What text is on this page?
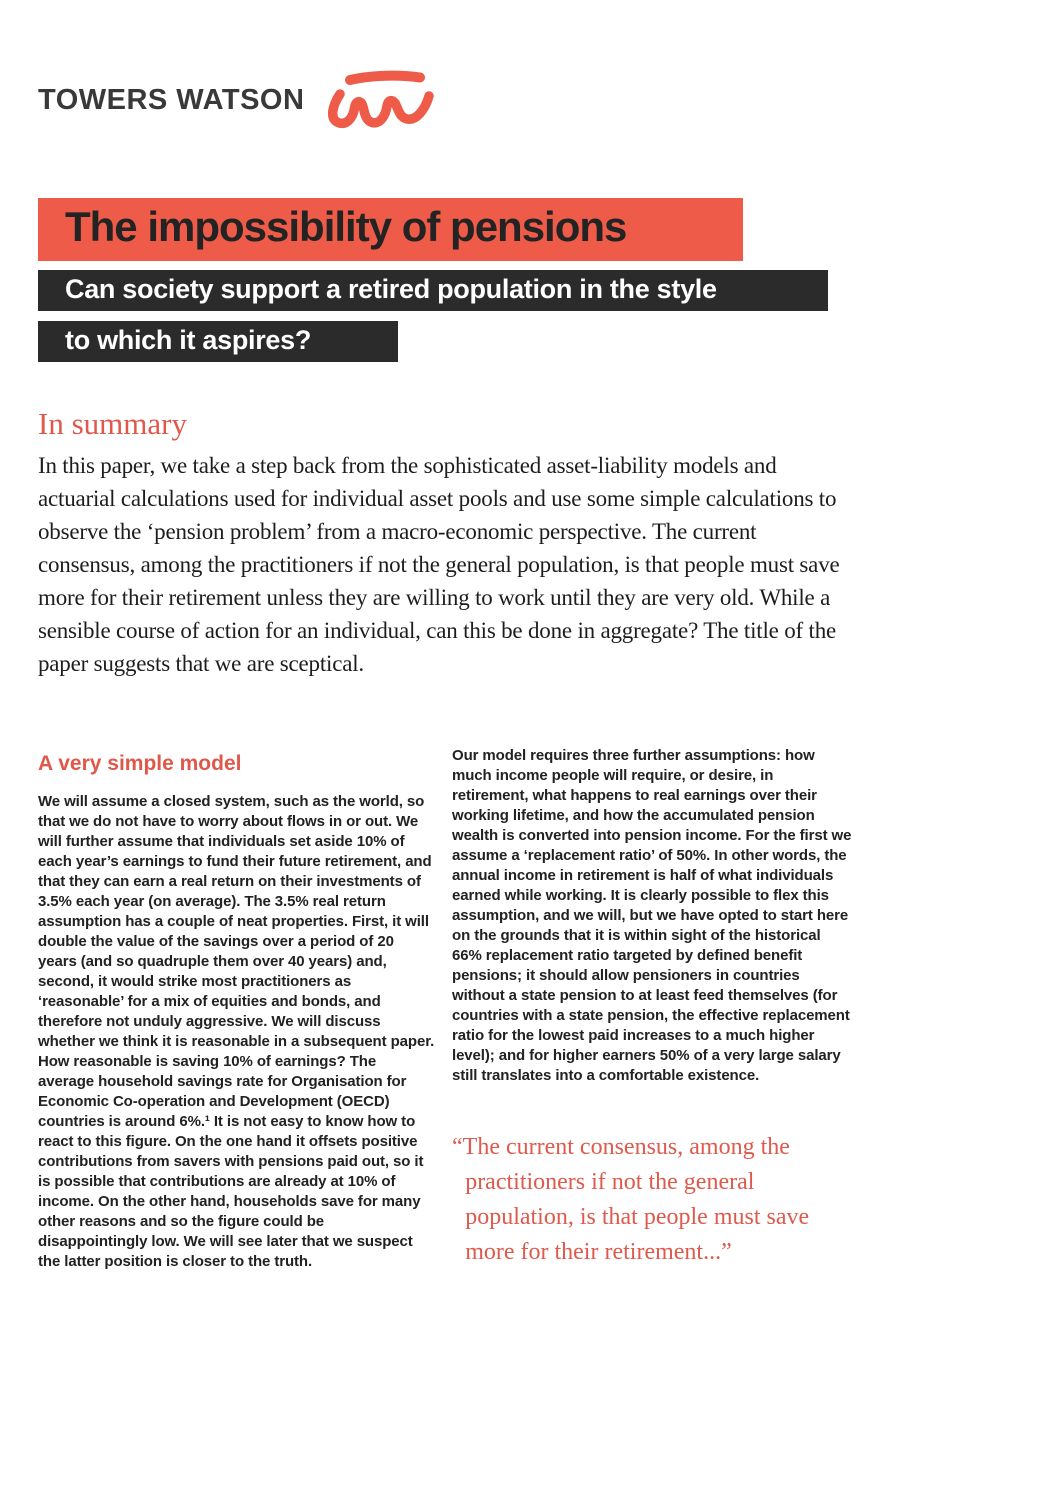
TOWERS WATSON
The impossibility of pensions
Can society support a retired population in the style
to which it aspires?
In summary

In this paper, we take a step back from the sophisticated asset-liability models and actuarial calculations used for individual asset pools and use some simple calculations to observe the ‘pension problem’ from a macro-economic perspective. The current consensus, among the practitioners if not the general population, is that people must save more for their retirement unless they are willing to work until they are very old. While a sensible course of action for an individual, can this be done in aggregate? The title of the paper suggests that we are sceptical.

A very simple model

We will assume a closed system, such as the world, so that we do not have to worry about flows in or out. We will further assume that individuals set aside 10% of each year’s earnings to fund their future retirement, and that they can earn a real return on their investments of 3.5% each year (on average). The 3.5% real return assumption has a couple of neat properties. First, it will double the value of the savings over a period of 20 years (and so quadruple them over 40 years) and, second, it would strike most practitioners as ‘reasonable’ for a mix of equities and bonds, and therefore not unduly aggressive. We will discuss whether we think it is reasonable in a subsequent paper. How reasonable is saving 10% of earnings? The average household savings rate for Organisation for Economic Co-operation and Development (OECD) countries is around 6%.¹ It is not easy to know how to react to this figure. On the one hand it offsets positive contributions from savers with pensions paid out, so it is possible that contributions are already at 10% of income. On the other hand, households save for many other reasons and so the figure could be disappointingly low. We will see later that we suspect the latter position is closer to the truth.

Our model requires three further assumptions: how much income people will require, or desire, in retirement, what happens to real earnings over their working lifetime, and how the accumulated pension wealth is converted into pension income. For the first we assume a ‘replacement ratio’ of 50%. In other words, the annual income in retirement is half of what individuals earned while working. It is clearly possible to flex this assumption, and we will, but we have opted to start here on the grounds that it is within sight of the historical 66% replacement ratio targeted by defined benefit pensions; it should allow pensioners in countries without a state pension to at least feed themselves (for countries with a state pension, the effective replacement ratio for the lowest paid increases to a much higher level); and for higher earners 50% of a very large salary still translates into a comfortable existence.

“The current consensus, among the practitioners if not the general population, is that people must save more for their retirement...”
